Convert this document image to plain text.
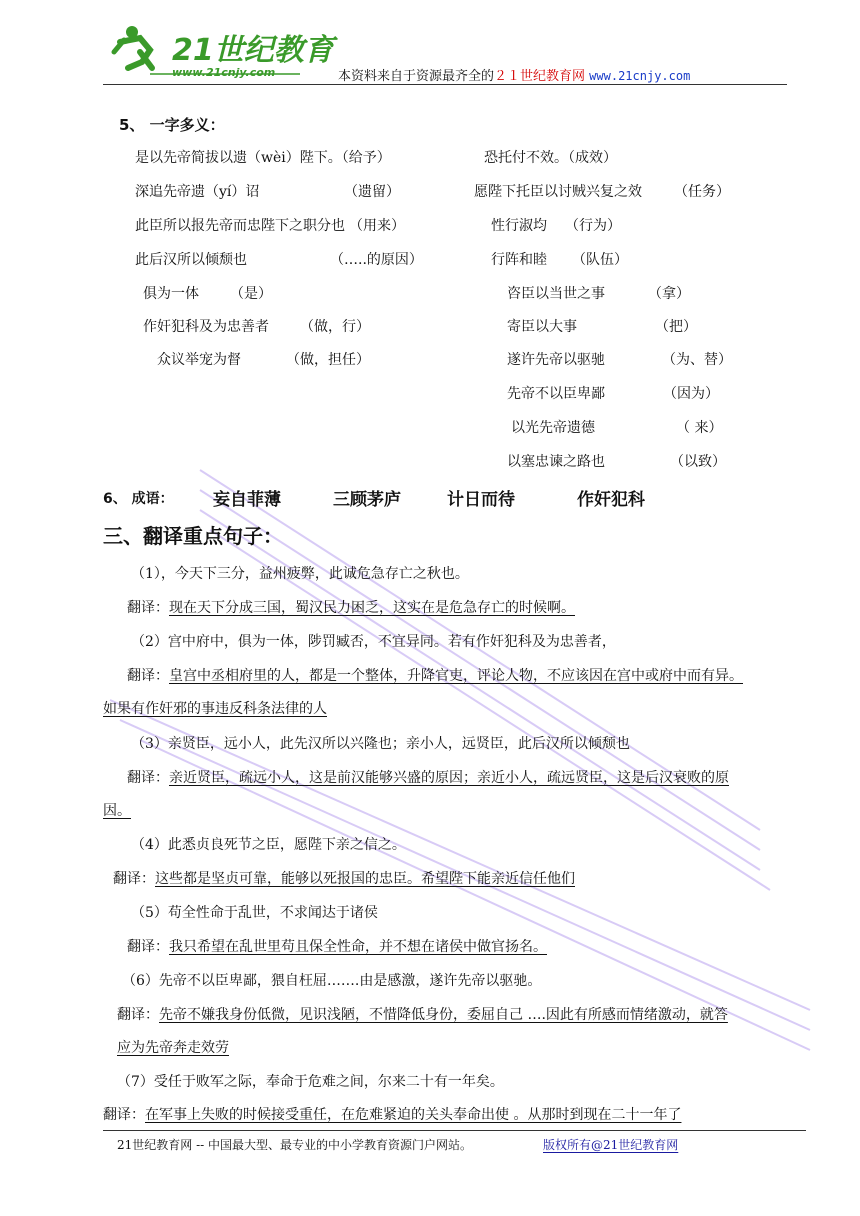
21世纪教育
www.21cnjy.com	本资料来自于资源最齐全的２１世纪教育网 www.21cnjy.com
5、 一字多义：
是以先帝简拔以遗（wèi）陛下。（给予）
深追先帝遗（yí）诏	（遗留）
此臣所以报先帝而忠陛下之职分也 （用来）
此后汉所以倾颓也	（…..的原因）
俱为一体 （是）
作奸犯科及为忠善者 （做，行）
众议举宠为督	（做，担任）
恐托付不效。（成效）
愿陛下托臣以讨贼兴复之效 （任务）
性行淑均 （行为）
行阵和睦 （队伍）
咨臣以当世之事	（拿）
寄臣以大事	（把）
遂许先帝以驱驰	（为、替）
先帝不以臣卑鄙	（因为）
以光先帝遗德	（ 来）
以塞忠谏之路也	（以致）
6、 成语： 妄自菲薄	三顾茅庐	计日而待	作奸犯科
三、翻译重点句子：
（1），今天下三分，益州疲弊，此诚危急存亡之秋也。
翻译：现在天下分成三国，蜀汉民力困乏，这实在是危急存亡的时候啊。
（2）宫中府中，俱为一体，陟罚臧否，不宜异同。若有作奸犯科及为忠善者，
翻译：皇宫中丞相府里的人，都是一个整体，升降官吏，评论人物，不应该因在宫中或府中而有异。
如果有作奸邪的事违反科条法律的人
（3）亲贤臣，远小人，此先汉所以兴隆也；亲小人，远贤臣，此后汉所以倾颓也
翻译：亲近贤臣，疏远小人，这是前汉能够兴盛的原因；亲近小人，疏远贤臣，这是后汉衰败的原
因。
（4）此悉贞良死节之臣，愿陛下亲之信之。
翻译：这些都是坚贞可靠，能够以死报国的忠臣。希望陛下能亲近信任他们
（5）苟全性命于乱世，不求闻达于诸侯
翻译：我只希望在乱世里苟且保全性命，并不想在诸侯中做官扬名。
（6）先帝不以臣卑鄙，猥自枉屈…….由是感激，遂许先帝以驱驰。
翻译：先帝不嫌我身份低微，见识浅陋，不惜降低身份，委屈自己 ….因此有所感而情绪激动，就答
应为先帝奔走效劳
（7）受任于败军之际，奉命于危难之间，尔来二十有一年矣。
翻译：在军事上失败的时候接受重任，在危难紧迫的关头奉命出使 。从那时到现在二十一年了
21世纪教育网 -- 中国最大型、最专业的中小学教育资源门户网站。	版权所有@21世纪教育网
